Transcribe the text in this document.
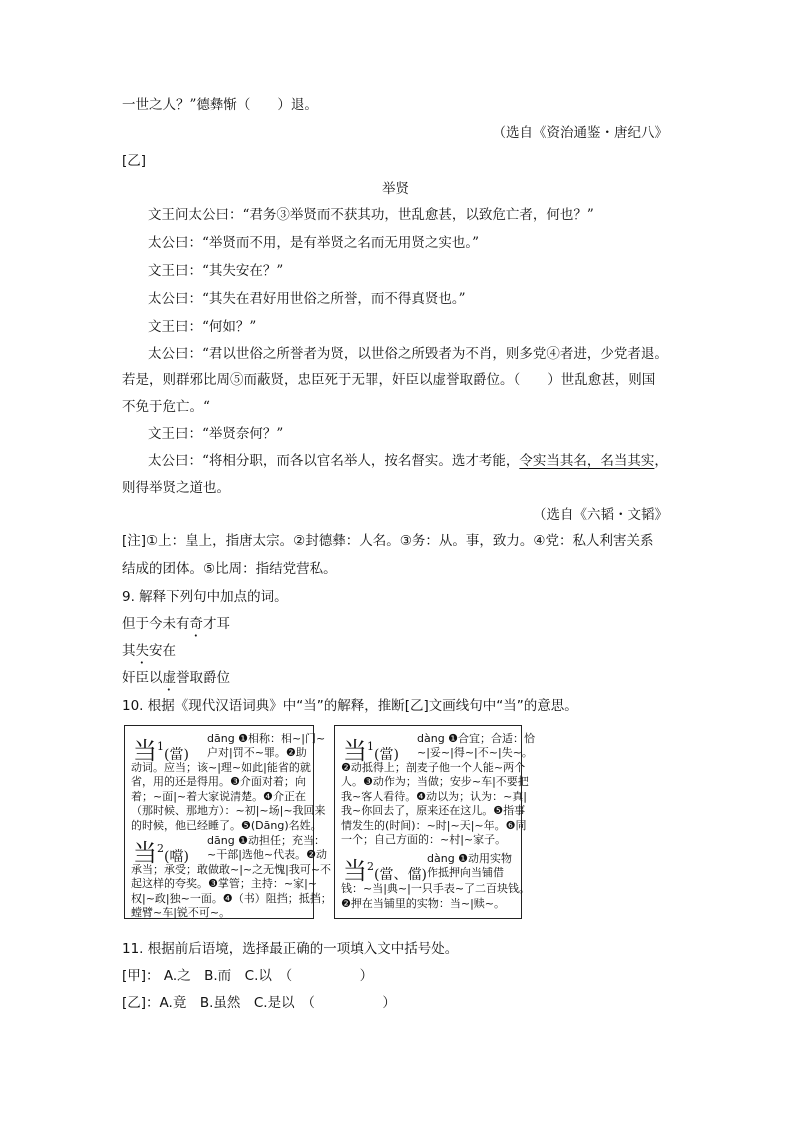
一世之人？”德彝惭（　　）退。
（选自《资治通鉴・唐纪八》
[乙]
举贤
文王问太公曰：“君务③举贤而不获其功，世乱愈甚，以致危亡者，何也？”
太公曰：“举贤而不用，是有举贤之名而无用贤之实也。”
文王曰：“其失安在？”
太公曰：“其失在君好用世俗之所誉，而不得真贤也。”
文王曰：“何如？”
太公曰：“君以世俗之所誉者为贤，以世俗之所毁者为不肖，则多党④者进，少党者退。
若是，则群邪比周⑤而蔽贤，忠臣死于无罪，奸臣以虚誉取爵位。（　　）世乱愈甚，则国
不免于危亡。“
文王曰：“举贤奈何？”
太公曰：“将相分职，而各以官名举人，按名督实。选才考能，令实当其名，名当其实，
则得举贤之道也。
（选自《六韬・文韬》
[注]①上：皇上，指唐太宗。②封德彝：人名。③务：从。事，致力。④党：私人利害关系
结成的团体。⑤比周：指结党营私。
9. 解释下列句中加点的词。
但于今未有奇才耳
其失安在
奸臣以虚誉取爵位
10. 根据《现代汉语词典》中“当”的解释，推断[乙]文画线句中“当”的意思。
当$^1$(當)
dāng ❶相称：相~|门~
户对|罚不~罪。❷助
动词。应当；该~|理~如此|能省的就
省，用的还是得用。❸介面对着；向
着；~面|~着大家说清楚。❹介正在
（那时候、那地方）：~初|~场|~我回来
的时候，他已经睡了。❺(Dāng)名姓。
当$^2$(噹)
dāng ❶动担任；充当：
~干部|选他~代表。❷动
承当；承受；敢做敢~|~之无愧|我可~不
起这样的夸奖。❸掌管；主持：~家|~
权|~政|独~一面。❹（书）阻挡；抵挡；
螳臂~车|锐不可~。
当$^1$(當)
dàng ❶合宜；合适：恰
~|妥~|得~|不~|失~。
❷动抵得上；剖麦子他一个人能~两个
人。❸动作为；当做；安步~车|不要把
我~客人看待。❹动以为；认为：~真|
我~你回去了，原来还在这儿。❺指事
情发生的(时间)：~时|~天|~年。❻同
一个；自己方面的：~村|~家子。
当$^2$(當、儅)
dàng ❶动用实物
作抵押向当铺借
钱：~当|典~|一只手表~了二百块钱。
❷押在当铺里的实物：当~|赎~。
11. 根据前后语境，选择最正确的一项填入文中括号处。
[甲]： A.之　B.而　C.以　（　　　　　）
[乙]：A.竟　B.虽然　C.是以　（　　　　　）
